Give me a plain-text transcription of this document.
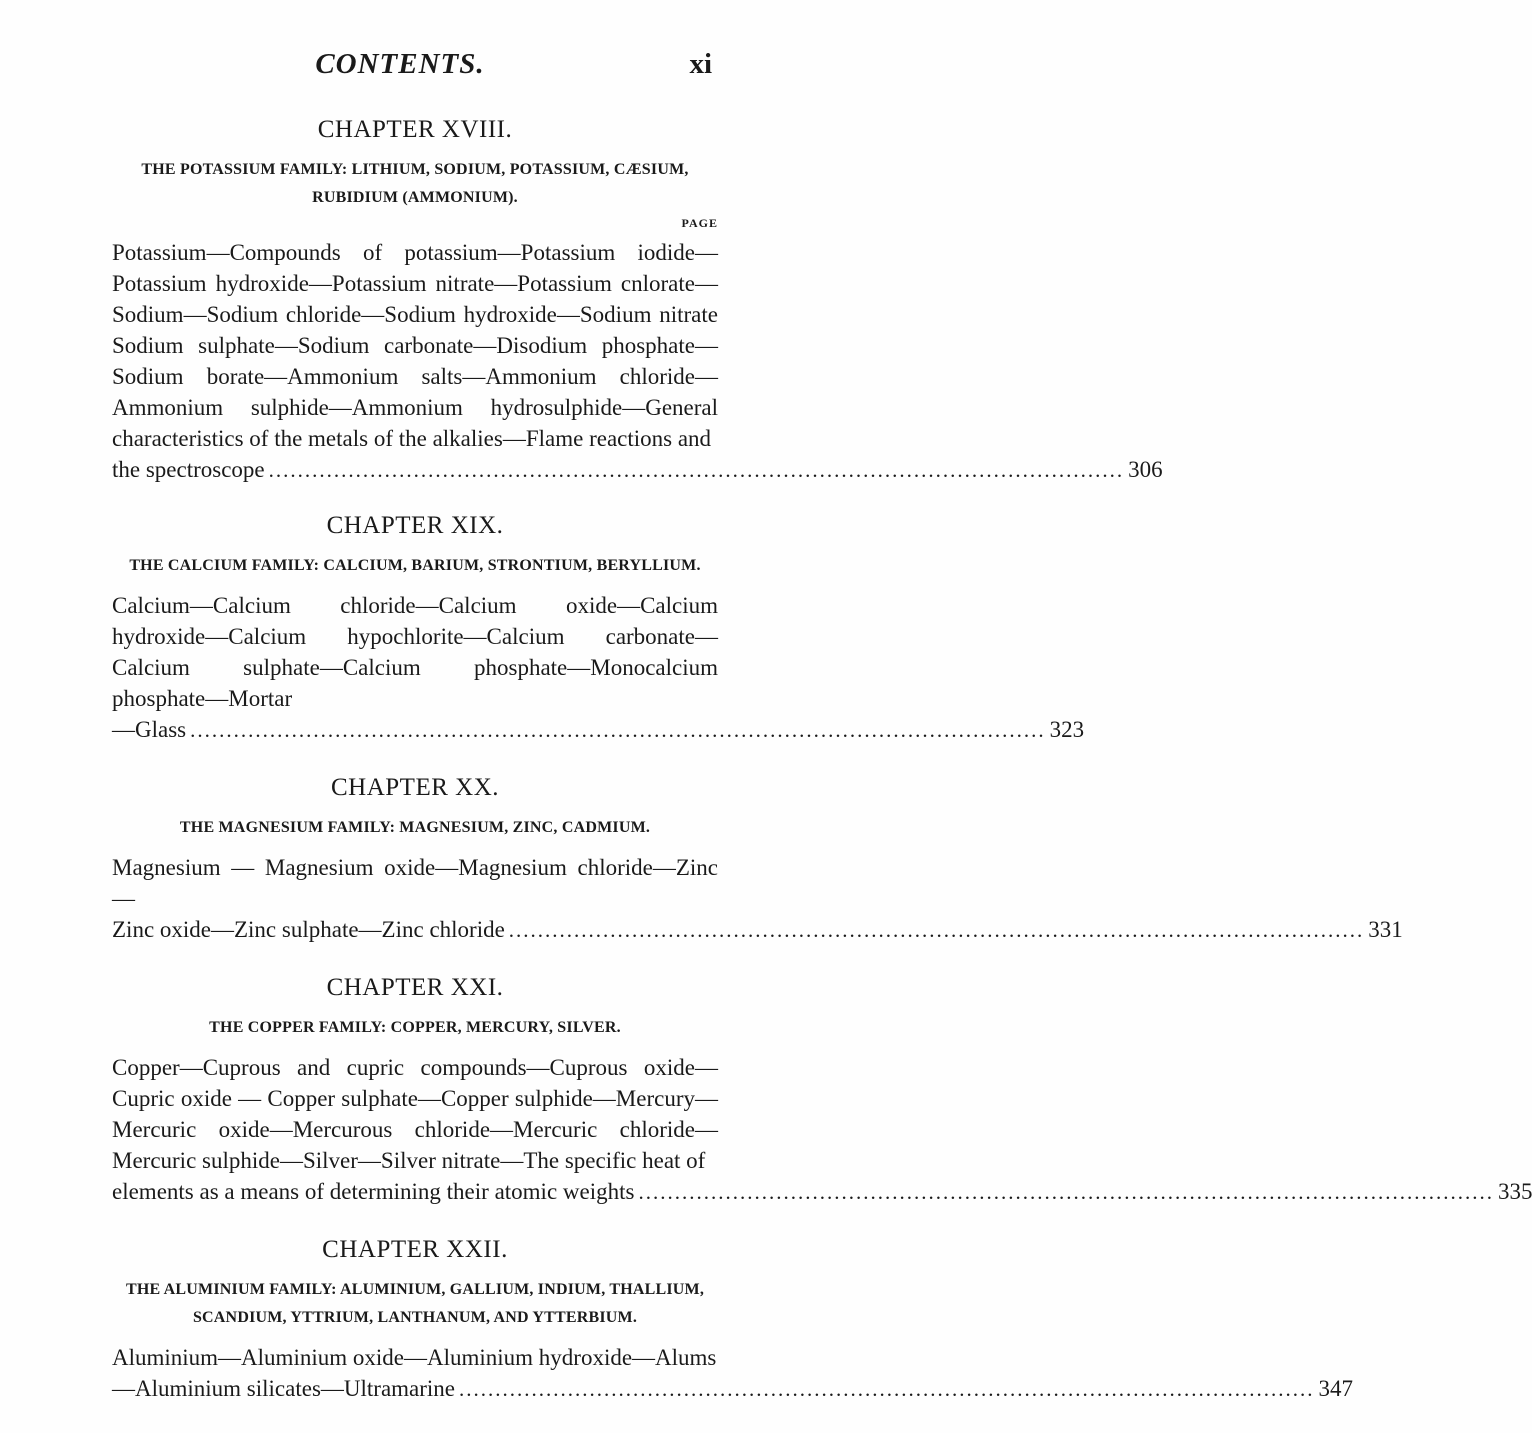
CONTENTS.	xi
CHAPTER XVIII.
THE POTASSIUM FAMILY: LITHIUM, SODIUM, POTASSIUM, CÆSIUM, RUBIDIUM (AMMONIUM).
PAGE
Potassium—Compounds of potassium—Potassium iodide—Potassium hydroxide—Potassium nitrate—Potassium cnlorate—Sodium—Sodium chloride—Sodium hydroxide—Sodium nitrate Sodium sulphate—Sodium carbonate—Disodium phosphate—Sodium borate—Ammonium salts—Ammonium chloride—Ammonium sulphide—Ammonium hydrosulphide—General characteristics of the metals of the alkalies—Flame reactions and
the spectroscope ...................................................................................................................... 306
CHAPTER XIX.
THE CALCIUM FAMILY: CALCIUM, BARIUM, STRONTIUM, BERYLLIUM.
Calcium—Calcium chloride—Calcium oxide—Calcium hydroxide—Calcium hypochlorite—Calcium carbonate—Calcium sulphate—Calcium phosphate—Monocalcium phosphate—Mortar
—Glass ...................................................................................................................... 323
CHAPTER XX.
THE MAGNESIUM FAMILY: MAGNESIUM, ZINC, CADMIUM.
Magnesium — Magnesium oxide—Magnesium chloride—Zinc—
Zinc oxide—Zinc sulphate—Zinc chloride ...................................................................................................................... 331
CHAPTER XXI.
THE COPPER FAMILY: COPPER, MERCURY, SILVER.
Copper—Cuprous and cupric compounds—Cuprous oxide—Cupric oxide — Copper sulphate—Copper sulphide—Mercury—Mercuric oxide—Mercurous chloride—Mercuric chloride—Mercuric sulphide—Silver—Silver nitrate—The specific heat of
elements as a means of determining their atomic weights ...................................................................................................................... 335
CHAPTER XXII.
THE ALUMINIUM FAMILY: ALUMINIUM, GALLIUM, INDIUM, THALLIUM, SCANDIUM, YTTRIUM, LANTHANUM, AND YTTERBIUM.
Aluminium—Aluminium oxide—Aluminium hydroxide—Alums
—Aluminium silicates—Ultramarine ...................................................................................................................... 347
